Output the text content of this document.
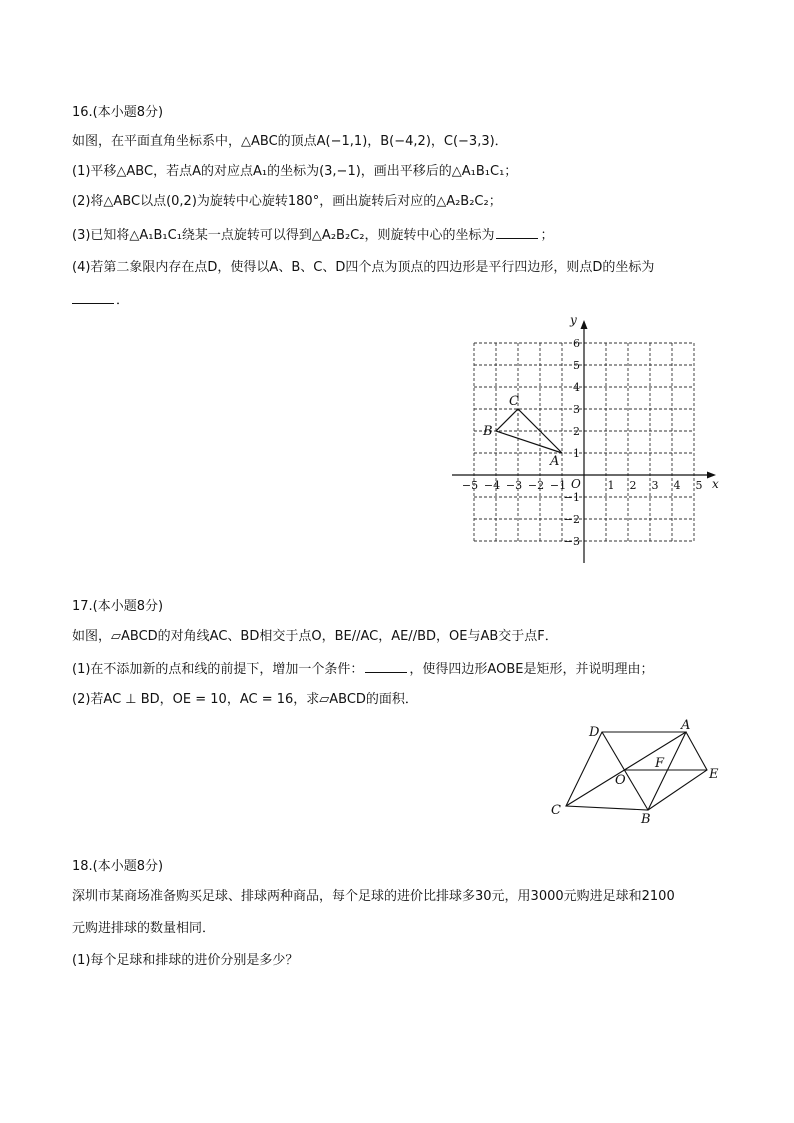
16.(本小题8分)
如图，在平面直角坐标系中，△ABC的顶点A(−1,1)，B(−4,2)，C(−3,3)．
(1)平移△ABC，若点A的对应点A₁的坐标为(3,−1)，画出平移后的△A₁B₁C₁；
(2)将△ABC以点(0,2)为旋转中心旋转180°，画出旋转后对应的△A₂B₂C₂；
(3)已知将△A₁B₁C₁绕某一点旋转可以得到△A₂B₂C₂，则旋转中心的坐标为	；
(4)若第二象限内存在点D，使得以A、B、C、D四个点为顶点的四边形是平行四边形，则点D的坐标为
．
x
y
O
−5 −4 −3 −2 −1	1 2 3 4 5
6
5
4
3
2
1
−1
−2
−3
A
B
C
17.(本小题8分)
如图，▱ABCD的对角线AC、BD相交于点O，BE//AC，AE//BD，OE与AB交于点F．
(1)在不添加新的点和线的前提下，增加一个条件：	，使得四边形AOBE是矩形，并说明理由；
(2)若AC ⊥ BD，OE = 10，AC = 16，求▱ABCD的面积．
A
B
C
D
E
F
O
18.(本小题8分)
深圳市某商场准备购买足球、排球两种商品，每个足球的进价比排球多30元，用3000元购进足球和2100
元购进排球的数量相同．
(1)每个足球和排球的进价分别是多少？
